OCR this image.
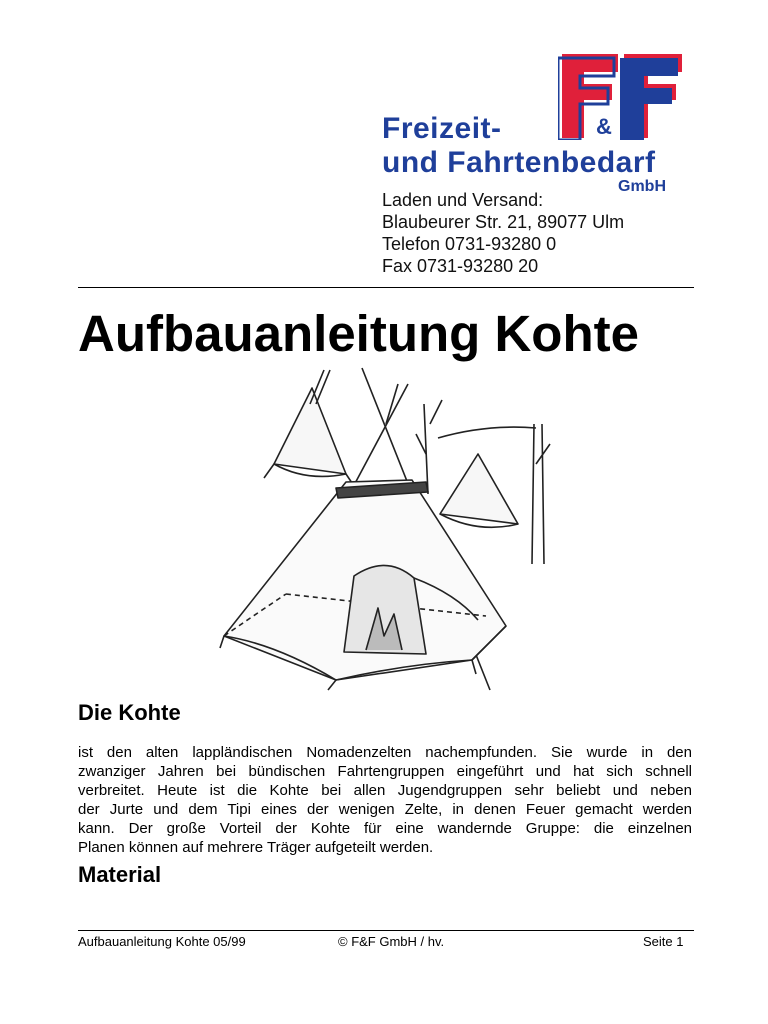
&
Freizeit-
und Fahrtenbedarf
GmbH
Laden und Versand:
Blaubeurer Str. 21, 89077 Ulm
Telefon 0731-93280 0
Fax 0731-93280 20
Aufbauanleitung Kohte
Die Kohte
ist den alten lappländischen Nomadenzelten nachempfunden. Sie wurde in den
zwanziger Jahren bei bündischen Fahrtengruppen eingeführt und hat sich schnell
verbreitet. Heute ist die Kohte bei allen Jugendgruppen sehr beliebt und neben
der Jurte und dem Tipi eines der wenigen Zelte, in denen Feuer gemacht werden
kann. Der große Vorteil der Kohte für eine wandernde Gruppe: die einzelnen
Planen können auf mehrere Träger aufgeteilt werden.
Material
Aufbauanleitung Kohte 05/99	© F&F GmbH / hv.	Seite 1
